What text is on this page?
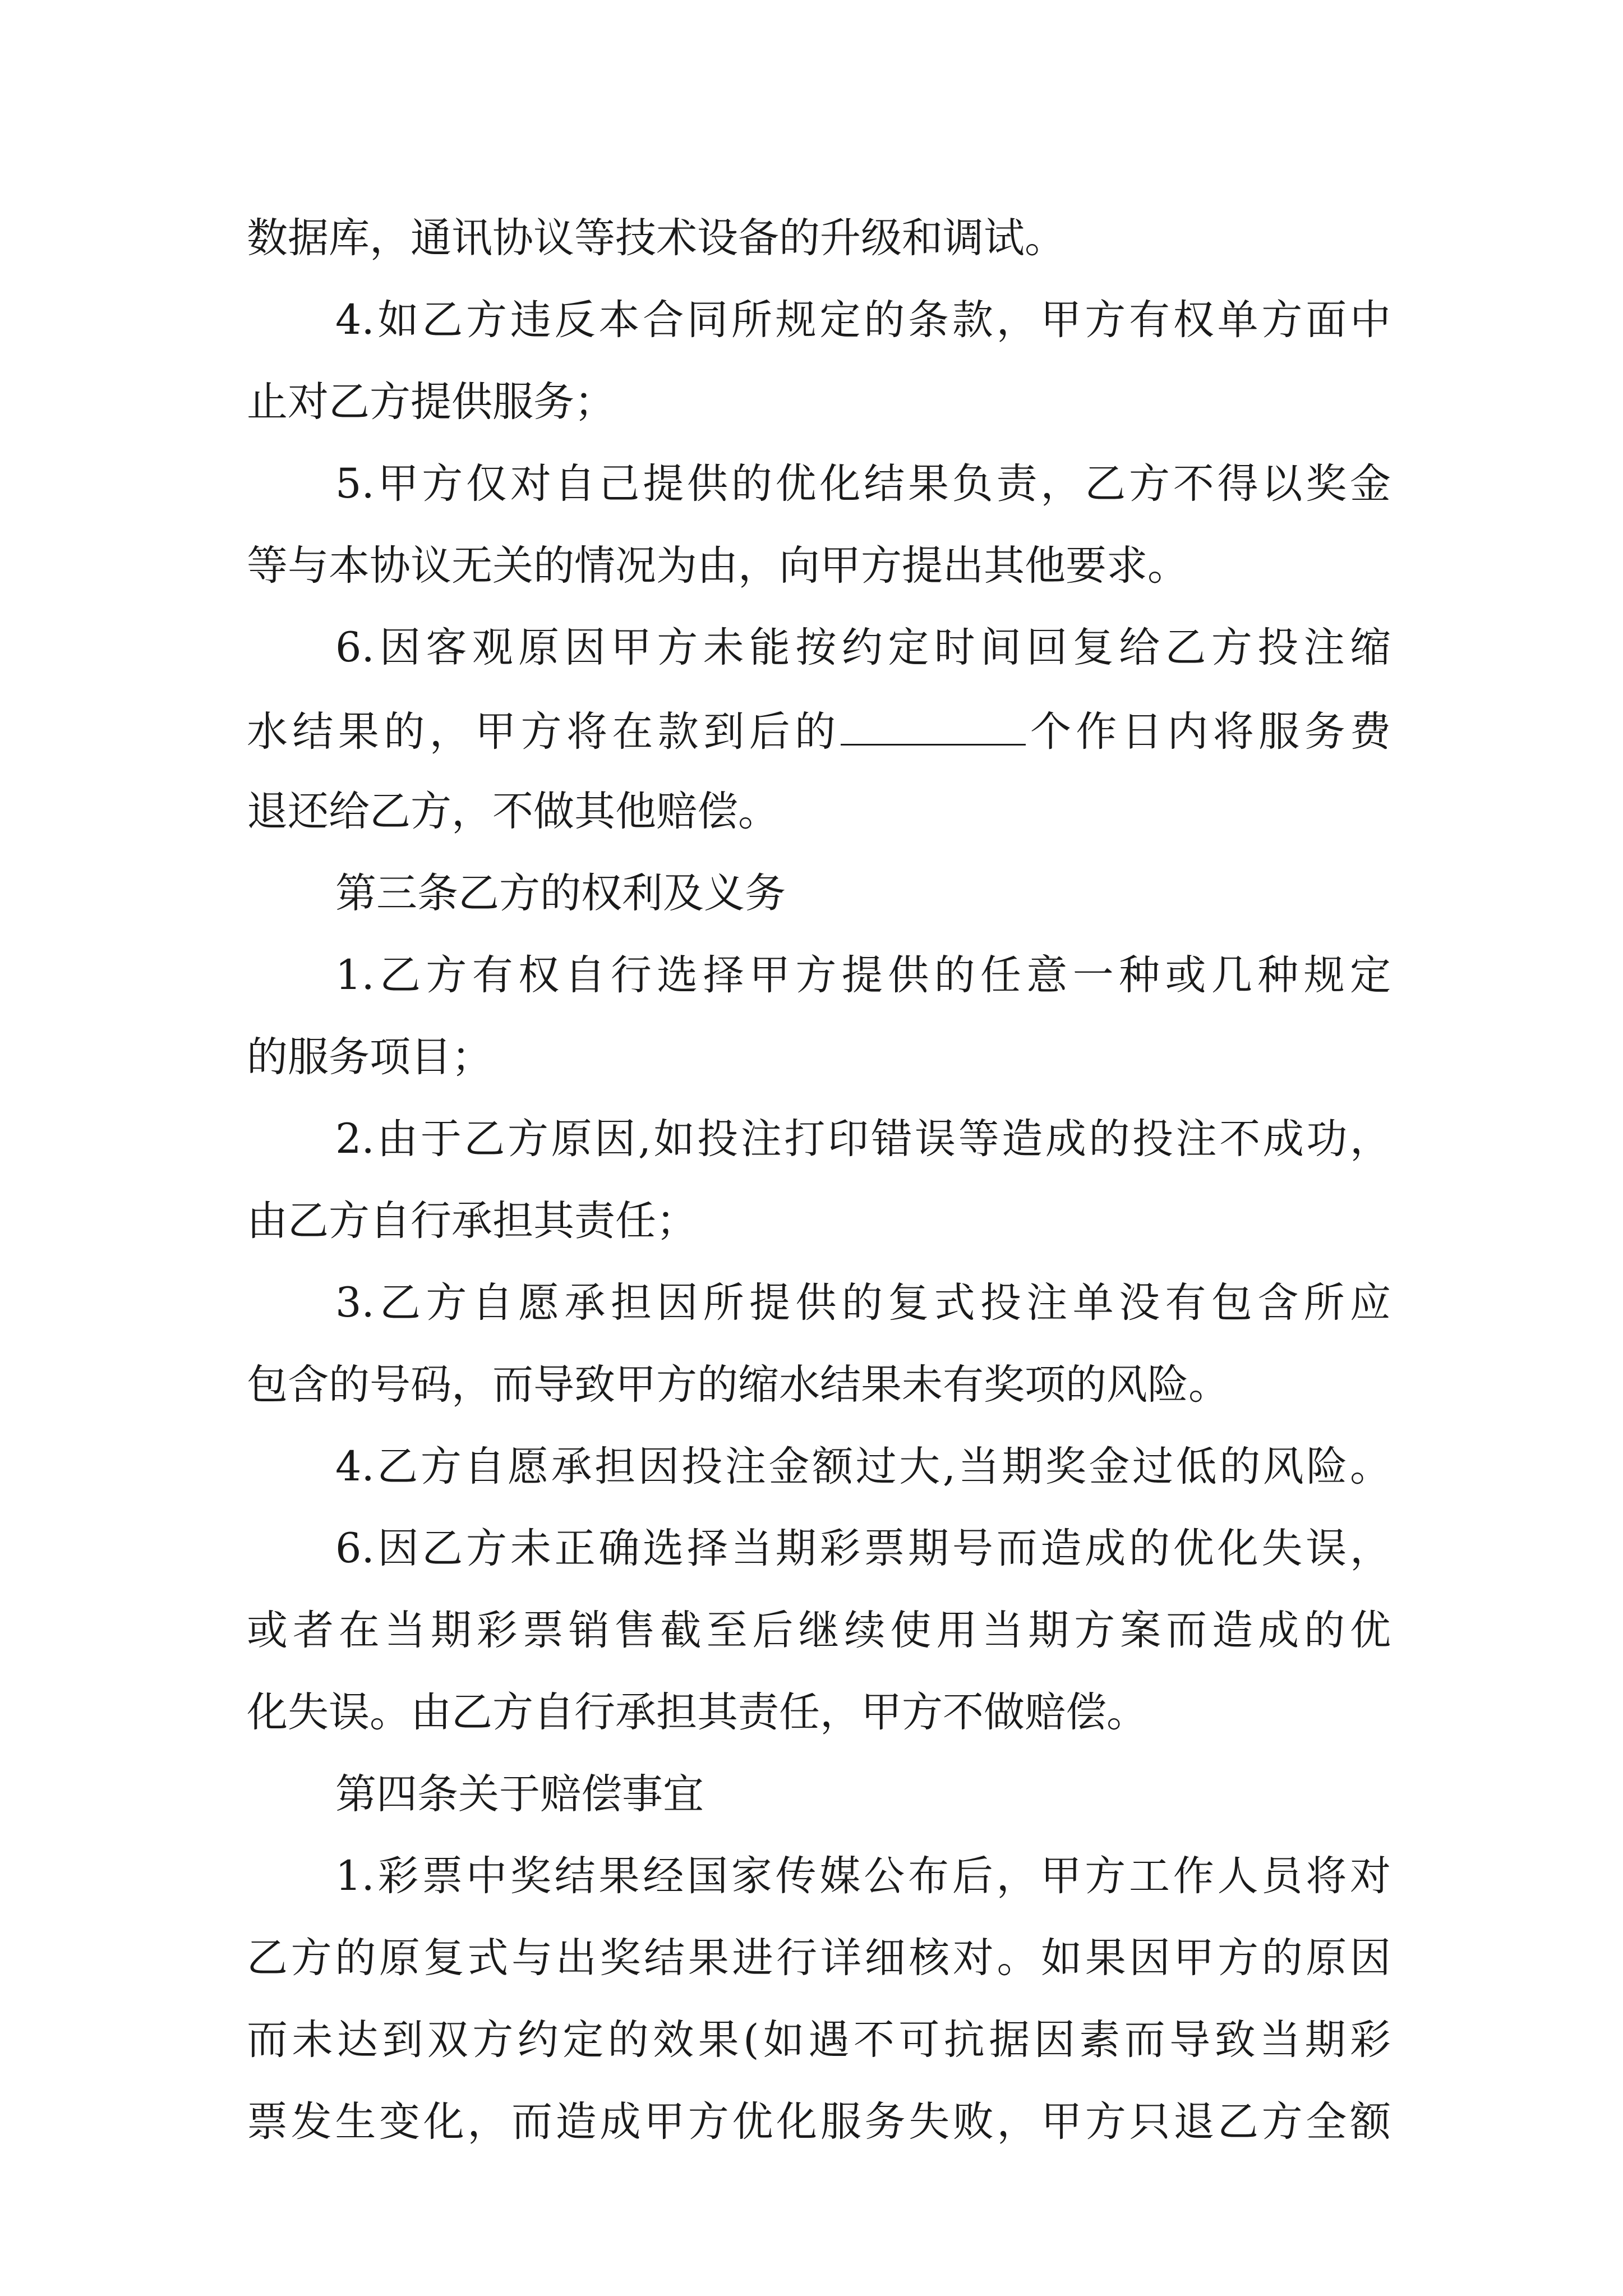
数据库，通讯协议等技术设备的升级和调试。
4.如乙方违反本合同所规定的条款，甲方有权单方面中
止对乙方提供服务；
5.甲方仅对自己提供的优化结果负责，乙方不得以奖金
等与本协议无关的情况为由，向甲方提出其他要求。
6.因客观原因甲方未能按约定时间回复给乙方投注缩
水结果的，甲方将在款到后的	个作日内将服务费
退还给乙方，不做其他赔偿。
第三条乙方的权利及义务
1.乙方有权自行选择甲方提供的任意一种或几种规定
的服务项目；
2.由于乙方原因,如投注打印错误等造成的投注不成功，
由乙方自行承担其责任；
3.乙方自愿承担因所提供的复式投注单没有包含所应
包含的号码，而导致甲方的缩水结果未有奖项的风险。
4.乙方自愿承担因投注金额过大,当期奖金过低的风险。
6.因乙方未正确选择当期彩票期号而造成的优化失误，
或者在当期彩票销售截至后继续使用当期方案而造成的优
化失误。由乙方自行承担其责任，甲方不做赔偿。
第四条关于赔偿事宜
1.彩票中奖结果经国家传媒公布后，甲方工作人员将对
乙方的原复式与出奖结果进行详细核对。如果因甲方的原因
而未达到双方约定的效果(如遇不可抗据因素而导致当期彩
票发生变化，而造成甲方优化服务失败，甲方只退乙方全额
